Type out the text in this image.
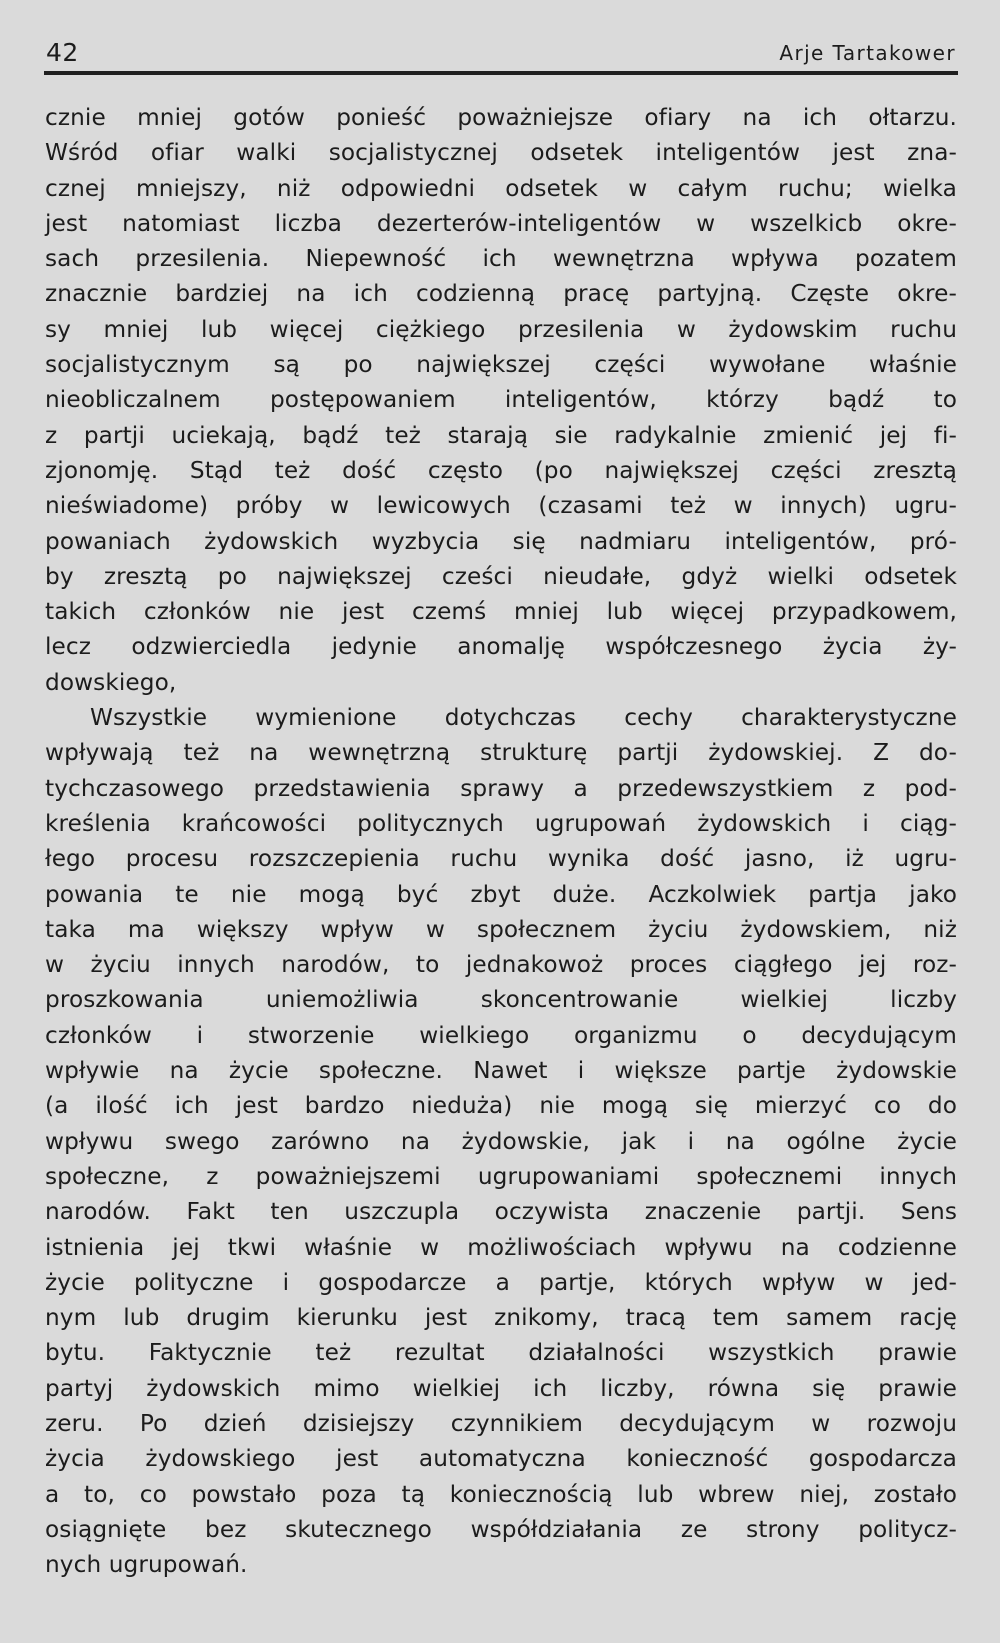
42	Arje Tartakower
cznie mniej gotów ponieść poważniejsze ofiary na ich ołtarzu.
Wśród ofiar walki socjalistycznej odsetek inteligentów jest zna-
cznej mniejszy, niż odpowiedni odsetek w całym ruchu; wielka
jest natomiast liczba dezerterów-inteligentów w wszelkicb okre-
sach przesilenia. Niepewność ich wewnętrzna wpływa pozatem
znacznie bardziej na ich codzienną pracę partyjną. Częste okre-
sy mniej lub więcej ciężkiego przesilenia w żydowskim ruchu
socjalistycznym są po największej części wywołane właśnie
nieobliczalnem postępowaniem inteligentów, którzy bądź to
z partji uciekają, bądź też starają sie radykalnie zmienić jej fi-
zjonomję. Stąd też dość często (po największej części zresztą
nieświadome) próby w lewicowych (czasami też w innych) ugru-
powaniach żydowskich wyzbycia się nadmiaru inteligentów, pró-
by zresztą po największej cześci nieudałe, gdyż wielki odsetek
takich członków nie jest czemś mniej lub więcej przypadkowem,
lecz odzwierciedla jedynie anomalję współczesnego życia ży-
dowskiego,
Wszystkie wymienione dotychczas cechy charakterystyczne
wpływają też na wewnętrzną strukturę partji żydowskiej. Z do-
tychczasowego przedstawienia sprawy a przedewszystkiem z pod-
kreślenia krańcowości politycznych ugrupowań żydowskich i ciąg-
łego procesu rozszczepienia ruchu wynika dość jasno, iż ugru-
powania te nie mogą być zbyt duże. Aczkolwiek partja jako
taka ma większy wpływ w społecznem życiu żydowskiem, niż
w życiu innych narodów, to jednakowoż proces ciągłego jej roz-
proszkowania uniemożliwia skoncentrowanie wielkiej liczby
członków i stworzenie wielkiego organizmu o decydującym
wpływie na życie społeczne. Nawet i większe partje żydowskie
(a ilość ich jest bardzo nieduża) nie mogą się mierzyć co do
wpływu swego zarówno na żydowskie, jak i na ogólne życie
społeczne, z poważniejszemi ugrupowaniami społecznemi innych
narodów. Fakt ten uszczupla oczywista znaczenie partji. Sens
istnienia jej tkwi właśnie w możliwościach wpływu na codzienne
życie polityczne i gospodarcze a partje, których wpływ w jed-
nym lub drugim kierunku jest znikomy, tracą tem samem rację
bytu. Faktycznie też rezultat działalności wszystkich prawie
partyj żydowskich mimo wielkiej ich liczby, równa się prawie
zeru. Po dzień dzisiejszy czynnikiem decydującym w rozwoju
życia żydowskiego jest automatyczna konieczność gospodarcza
a to, co powstało poza tą koniecznością lub wbrew niej, zostało
osiągnięte bez skutecznego współdziałania ze strony politycz-
nych ugrupowań.
